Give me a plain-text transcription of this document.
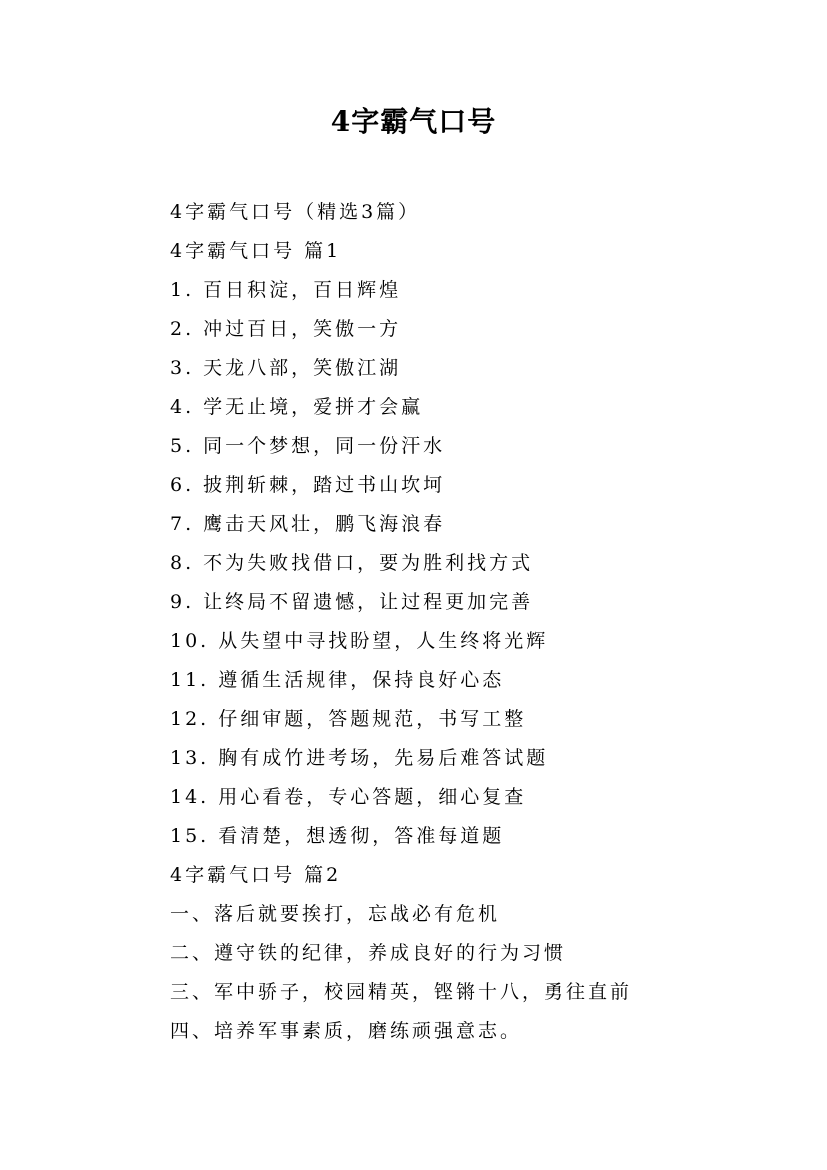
4字霸气口号
4字霸气口号（精选3篇）
4字霸气口号 篇1
1. 百日积淀，百日辉煌
2. 冲过百日，笑傲一方
3. 天龙八部，笑傲江湖
4. 学无止境，爱拼才会赢
5. 同一个梦想，同一份汗水
6. 披荆斩棘，踏过书山坎坷
7. 鹰击天风壮，鹏飞海浪春
8. 不为失败找借口，要为胜利找方式
9. 让终局不留遗憾，让过程更加完善
10. 从失望中寻找盼望，人生终将光辉
11. 遵循生活规律，保持良好心态
12. 仔细审题，答题规范，书写工整
13. 胸有成竹进考场，先易后难答试题
14. 用心看卷，专心答题，细心复查
15. 看清楚，想透彻，答准每道题
4字霸气口号 篇2
一、落后就要挨打，忘战必有危机
二、遵守铁的纪律，养成良好的行为习惯
三、军中骄子，校园精英，铿锵十八，勇往直前
四、培养军事素质，磨练顽强意志。
